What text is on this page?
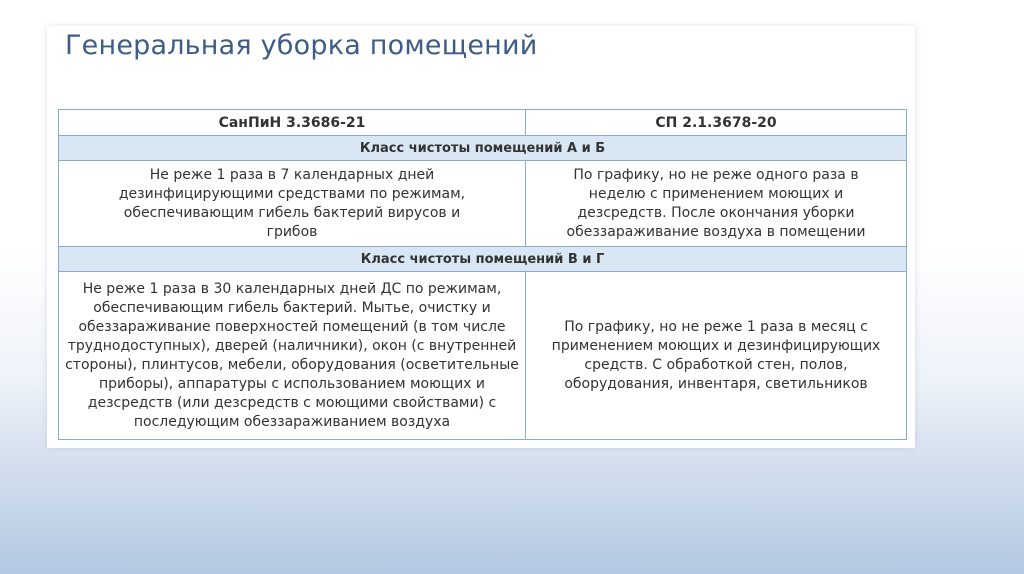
Генеральная уборка помещений
СанПиН 3.3686-21	СП 2.1.3678-20
Класс чистоты помещений А и Б	

Не реже 1 раза в 7 календарных дней дезинфицирующими средствами по режимам, обеспечивающим гибель бактерий вирусов и грибов	По графику, но не реже одного раза в неделю с применением моющих и дезсредств. После окончания уборки обеззараживание воздуха в помещении

Класс чистоты помещений В и Г	

Не реже 1 раза в 30 календарных дней ДС по режимам, обеспечивающим гибель бактерий. Мытье, очистку и обеззараживание поверхностей помещений (в том числе труднодоступных), дверей (наличники), окон (с внутренней стороны), плинтусов, мебели, оборудования (осветительные приборы), аппаратуры с использованием моющих и дезсредств (или дезсредств с моющими свойствами) с последующим обеззараживанием воздуха	По графику, но не реже 1 раза в месяц с применением моющих и дезинфицирующих средств. С обработкой стен, полов, оборудования, инвентаря, светильников
